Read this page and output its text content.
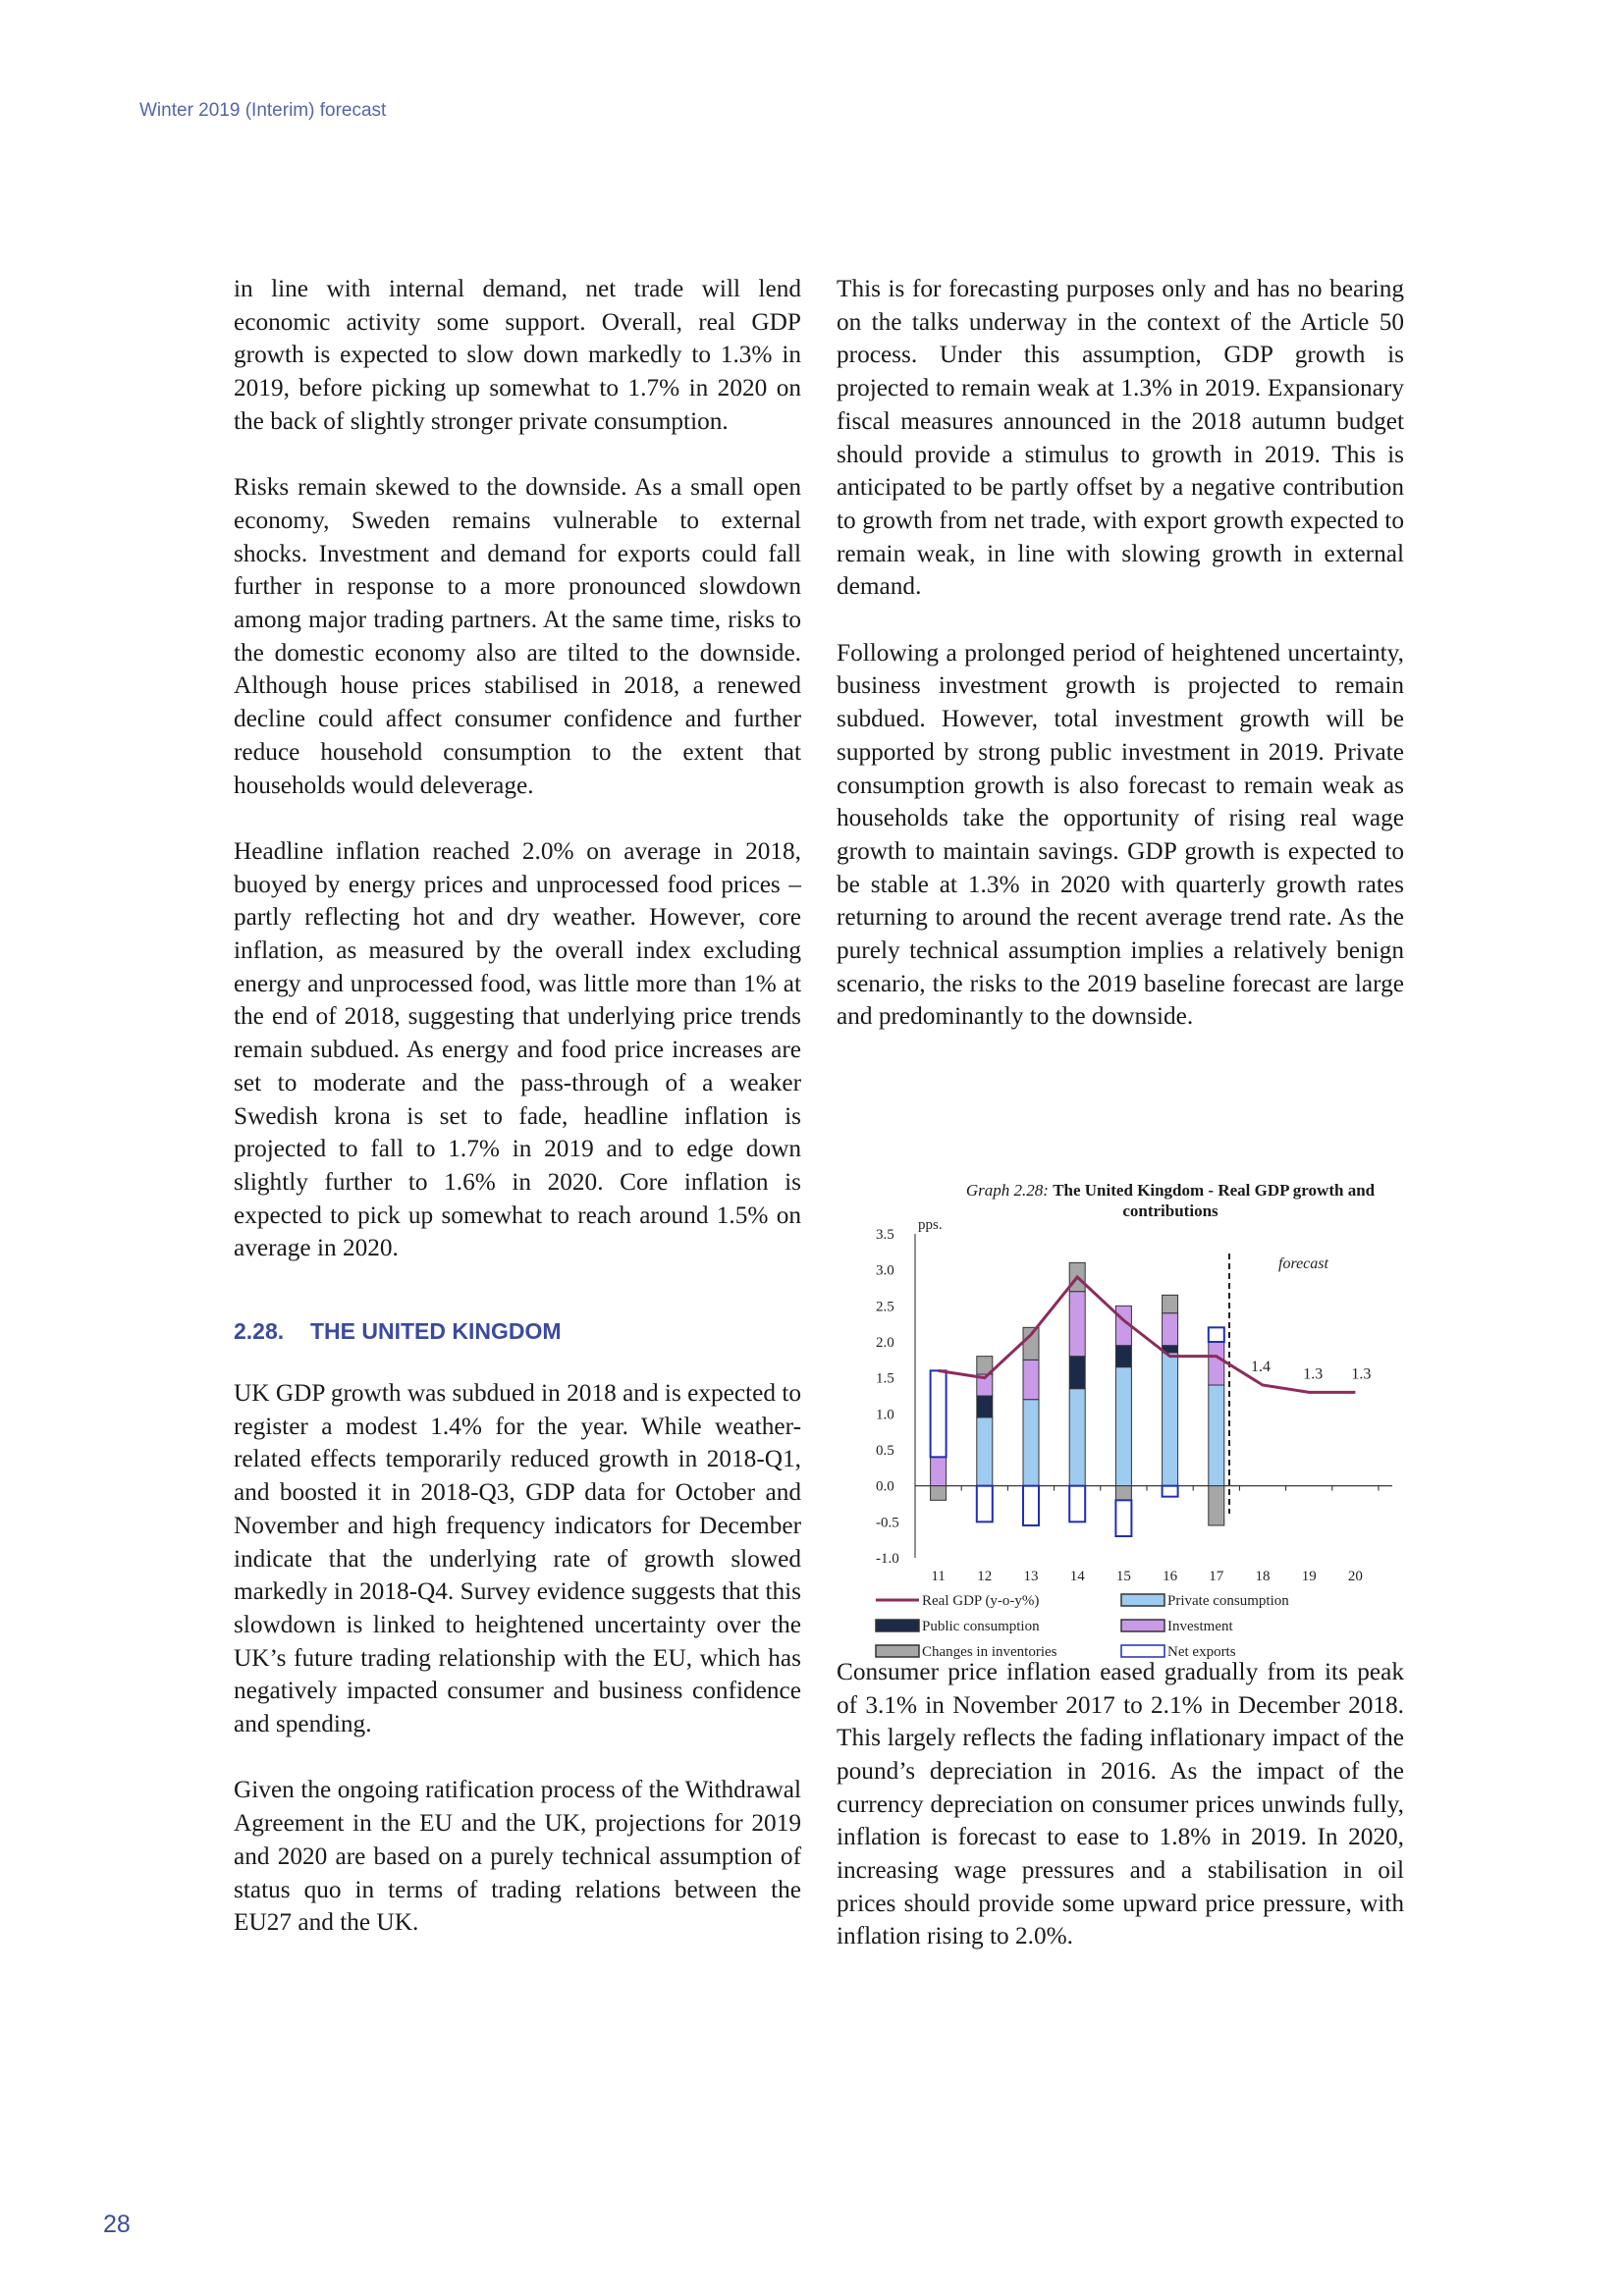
Winter 2019 (Interim) forecast

in line with internal demand, net trade will lend economic activity some support. Overall, real GDP growth is expected to slow down markedly to 1.3% in 2019, before picking up somewhat to 1.7% in 2020 on the back of slightly stronger private consumption.

Risks remain skewed to the downside. As a small open economy, Sweden remains vulnerable to external shocks. Investment and demand for exports could fall further in response to a more pronounced slowdown among major trading partners. At the same time, risks to the domestic economy also are tilted to the downside. Although house prices stabilised in 2018, a renewed decline could affect consumer confidence and further reduce household consumption to the extent that households would deleverage.

Headline inflation reached 2.0% on average in 2018, buoyed by energy prices and unprocessed food prices – partly reflecting hot and dry weather. However, core inflation, as measured by the overall index excluding energy and unprocessed food, was little more than 1% at the end of 2018, suggesting that underlying price trends remain subdued. As energy and food price increases are set to moderate and the pass-through of a weaker Swedish krona is set to fade, headline inflation is projected to fall to 1.7% in 2019 and to edge down slightly further to 1.6% in 2020. Core inflation is expected to pick up somewhat to reach around 1.5% on average in 2020.

2.28. THE UNITED KINGDOM

UK GDP growth was subdued in 2018 and is expected to register a modest 1.4% for the year. While weather-related effects temporarily reduced growth in 2018-Q1, and boosted it in 2018-Q3, GDP data for October and November and high frequency indicators for December indicate that the underlying rate of growth slowed markedly in 2018-Q4. Survey evidence suggests that this slowdown is linked to heightened uncertainty over the UK’s future trading relationship with the EU, which has negatively impacted consumer and business confidence and spending.

Given the ongoing ratification process of the Withdrawal Agreement in the EU and the UK, projections for 2019 and 2020 are based on a purely technical assumption of status quo in terms of trading relations between the EU27 and the UK.

This is for forecasting purposes only and has no bearing on the talks underway in the context of the Article 50 process. Under this assumption, GDP growth is projected to remain weak at 1.3% in 2019. Expansionary fiscal measures announced in the 2018 autumn budget should provide a stimulus to growth in 2019. This is anticipated to be partly offset by a negative contribution to growth from net trade, with export growth expected to remain weak, in line with slowing growth in external demand.

Following a prolonged period of heightened uncertainty, business investment growth is projected to remain subdued. However, total investment growth will be supported by strong public investment in 2019. Private consumption growth is also forecast to remain weak as households take the opportunity of rising real wage growth to maintain savings. GDP growth is expected to be stable at 1.3% in 2020 with quarterly growth rates returning to around the recent average trend rate. As the purely technical assumption implies a relatively benign scenario, the risks to the 2019 baseline forecast are large and predominantly to the downside.

Consumer price inflation eased gradually from its peak of 3.1% in November 2017 to 2.1% in December 2018. This largely reflects the fading inflationary impact of the pound’s depreciation in 2016. As the impact of the currency depreciation on consumer prices unwinds fully, inflation is forecast to ease to 1.8% in 2019. In 2020, increasing wage pressures and a stabilisation in oil prices should provide some upward price pressure, with inflation rising to 2.0%.

Graph 2.28: The United Kingdom - Real GDP growth and contributions
3.5
3.0
2.5
2.0
1.5
1.0
0.5
0.0
-0.5
-1.0
pps.
11 12 13 14 15 16 17 18 19 20
forecast
1.4 1.3 1.3
Real GDP (y-o-y%)	Private consumption
Public consumption	Investment
Changes in inventories	Net exports
28
